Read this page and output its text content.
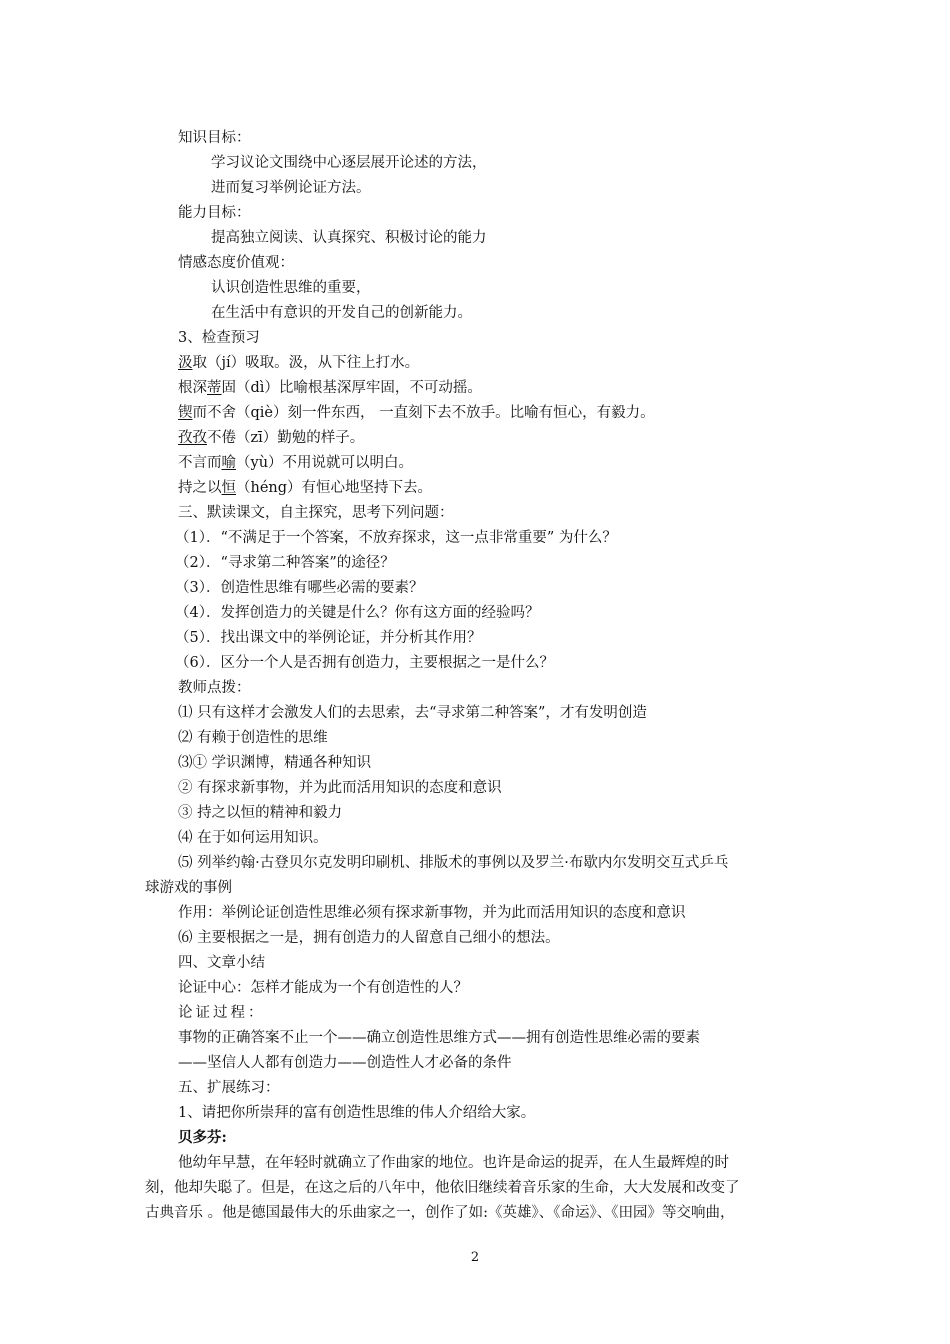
知识目标：
学习议论文围绕中心逐层展开论述的方法，
进而复习举例论证方法。
能力目标：
提高独立阅读、认真探究、积极讨论的能力
情感态度价值观：
认识创造性思维的重要，
在生活中有意识的开发自己的创新能力。
3、检查预习
汲取（jí）吸取。汲，从下往上打水。
根深蒂固（dì）比喻根基深厚牢固，不可动摇。
锲而不舍（qiè）刻一件东西， 一直刻下去不放手。比喻有恒心，有毅力。
孜孜不倦（zī）勤勉的样子。
不言而喻（yù）不用说就可以明白。
持之以恒（héng）有恒心地坚持下去。
三、默读课文，自主探究，思考下列问题：
（1）．“不满足于一个答案，不放弃探求，这一点非常重要” 为什么？
（2）．“寻求第二种答案”的途径？
（3）．创造性思维有哪些必需的要素？
（4）．发挥创造力的关键是什么？你有这方面的经验吗？
（5）．找出课文中的举例论证，并分析其作用？
（6）．区分一个人是否拥有创造力，主要根据之一是什么？
教师点拨：
⑴ 只有这样才会激发人们的去思索，去“寻求第二种答案”，才有发明创造
⑵ 有赖于创造性的思维
⑶① 学识渊博，精通各种知识
② 有探求新事物，并为此而活用知识的态度和意识
③ 持之以恒的精神和毅力
⑷ 在于如何运用知识。
⑸ 列举约翰·古登贝尔克发明印刷机、排版术的事例以及罗兰·布歇内尔发明交互式乒乓
球游戏的事例
作用：举例论证创造性思维必须有探求新事物，并为此而活用知识的态度和意识
⑹ 主要根据之一是，拥有创造力的人留意自己细小的想法。
四、文章小结
论证中心：怎样才能成为一个有创造性的人？
论证过程：
事物的正确答案不止一个——确立创造性思维方式——拥有创造性思维必需的要素
——坚信人人都有创造力——创造性人才必备的条件
五、扩展练习：
1、请把你所崇拜的富有创造性思维的伟人介绍给大家。
贝多芬:
他幼年早慧，在年轻时就确立了作曲家的地位。也许是命运的捉弄，在人生最辉煌的时
刻，他却失聪了。但是，在这之后的八年中，他依旧继续着音乐家的生命，大大发展和改变了
古典音乐 。他是德国最伟大的乐曲家之一，创作了如:《英雄》、《命运》、《田园》等交响曲，
2
